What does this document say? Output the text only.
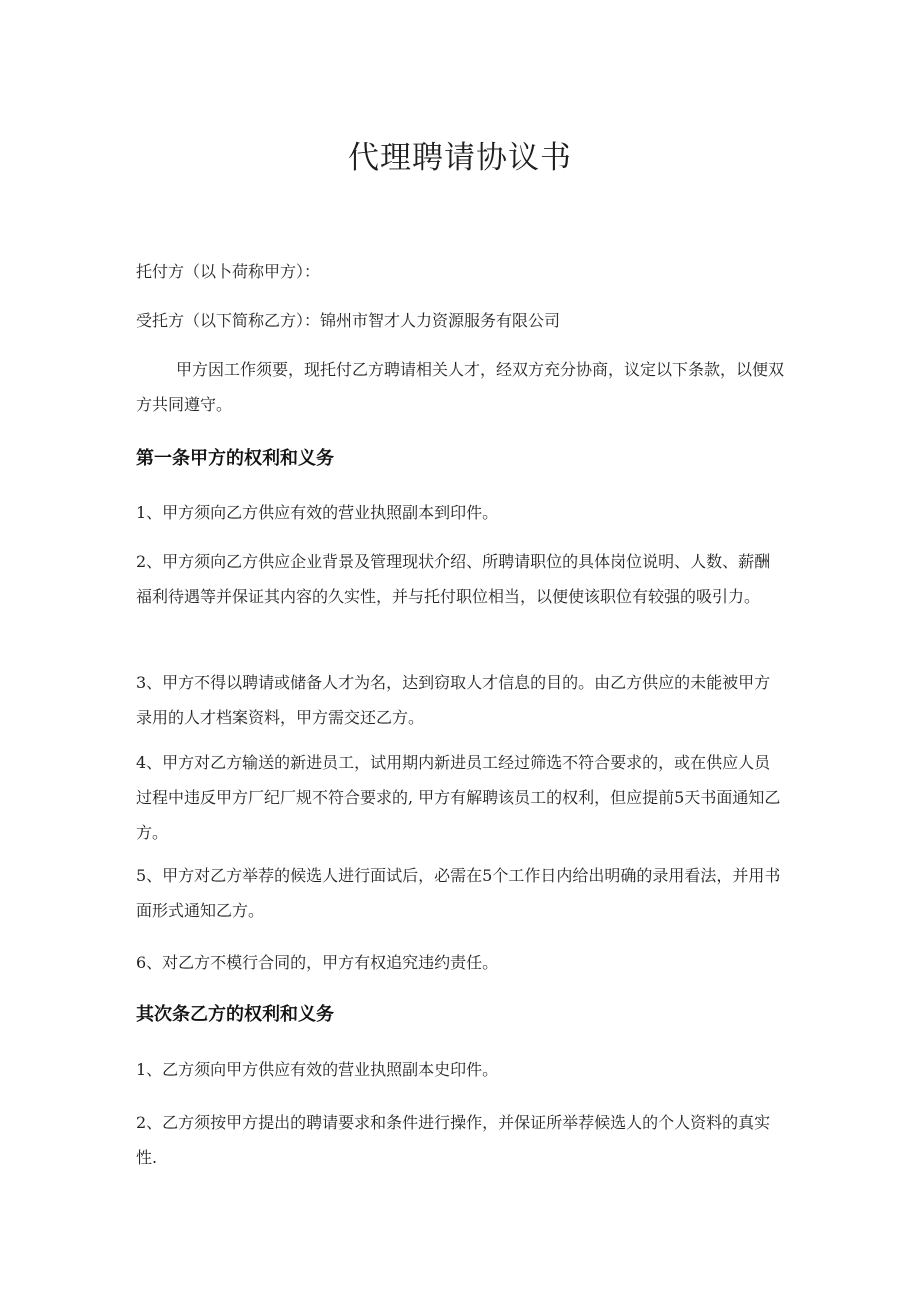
代理聘请协议书

托付方（以卜荷称甲方）：

受托方（以下简称乙方）：锦州市智才人力资源服务有限公司

甲方因工作须要，现托付乙方聘请相关人才，经双方充分协商，议定以下条款，以便双方共同遵守。

第一条甲方的权利和义务

1、甲方须向乙方供应有效的营业执照副本到印件。

2、甲方须向乙方供应企业背景及管理现状介绍、所聘请职位的具体岗位说明、人数、薪酬福利待遇等并保证其内容的久实性，并与托付职位相当，以便使该职位有较强的吸引力。

3、甲方不得以聘请或储备人才为名，达到窃取人才信息的目的。由乙方供应的未能被甲方录用的人才档案资料，甲方需交还乙方。

4、甲方对乙方输送的新进员工，试用期内新进员工经过筛选不符合要求的，或在供应人员过程中违反甲方厂纪厂规不符合要求的, 甲方有解聘该员工的权利，但应提前5天书面通知乙方。

5、甲方对乙方举荐的候选人进行面试后，必需在5个工作日内给出明确的录用看法，并用书面形式通知乙方。

6、对乙方不模行合同的，甲方有权追究违约责任。

其次条乙方的权利和义务

1、乙方须向甲方供应有效的营业执照副本史印件。

2、乙方须按甲方提出的聘请要求和条件进行操作，并保证所举荐候选人的个人资料的真实性.
